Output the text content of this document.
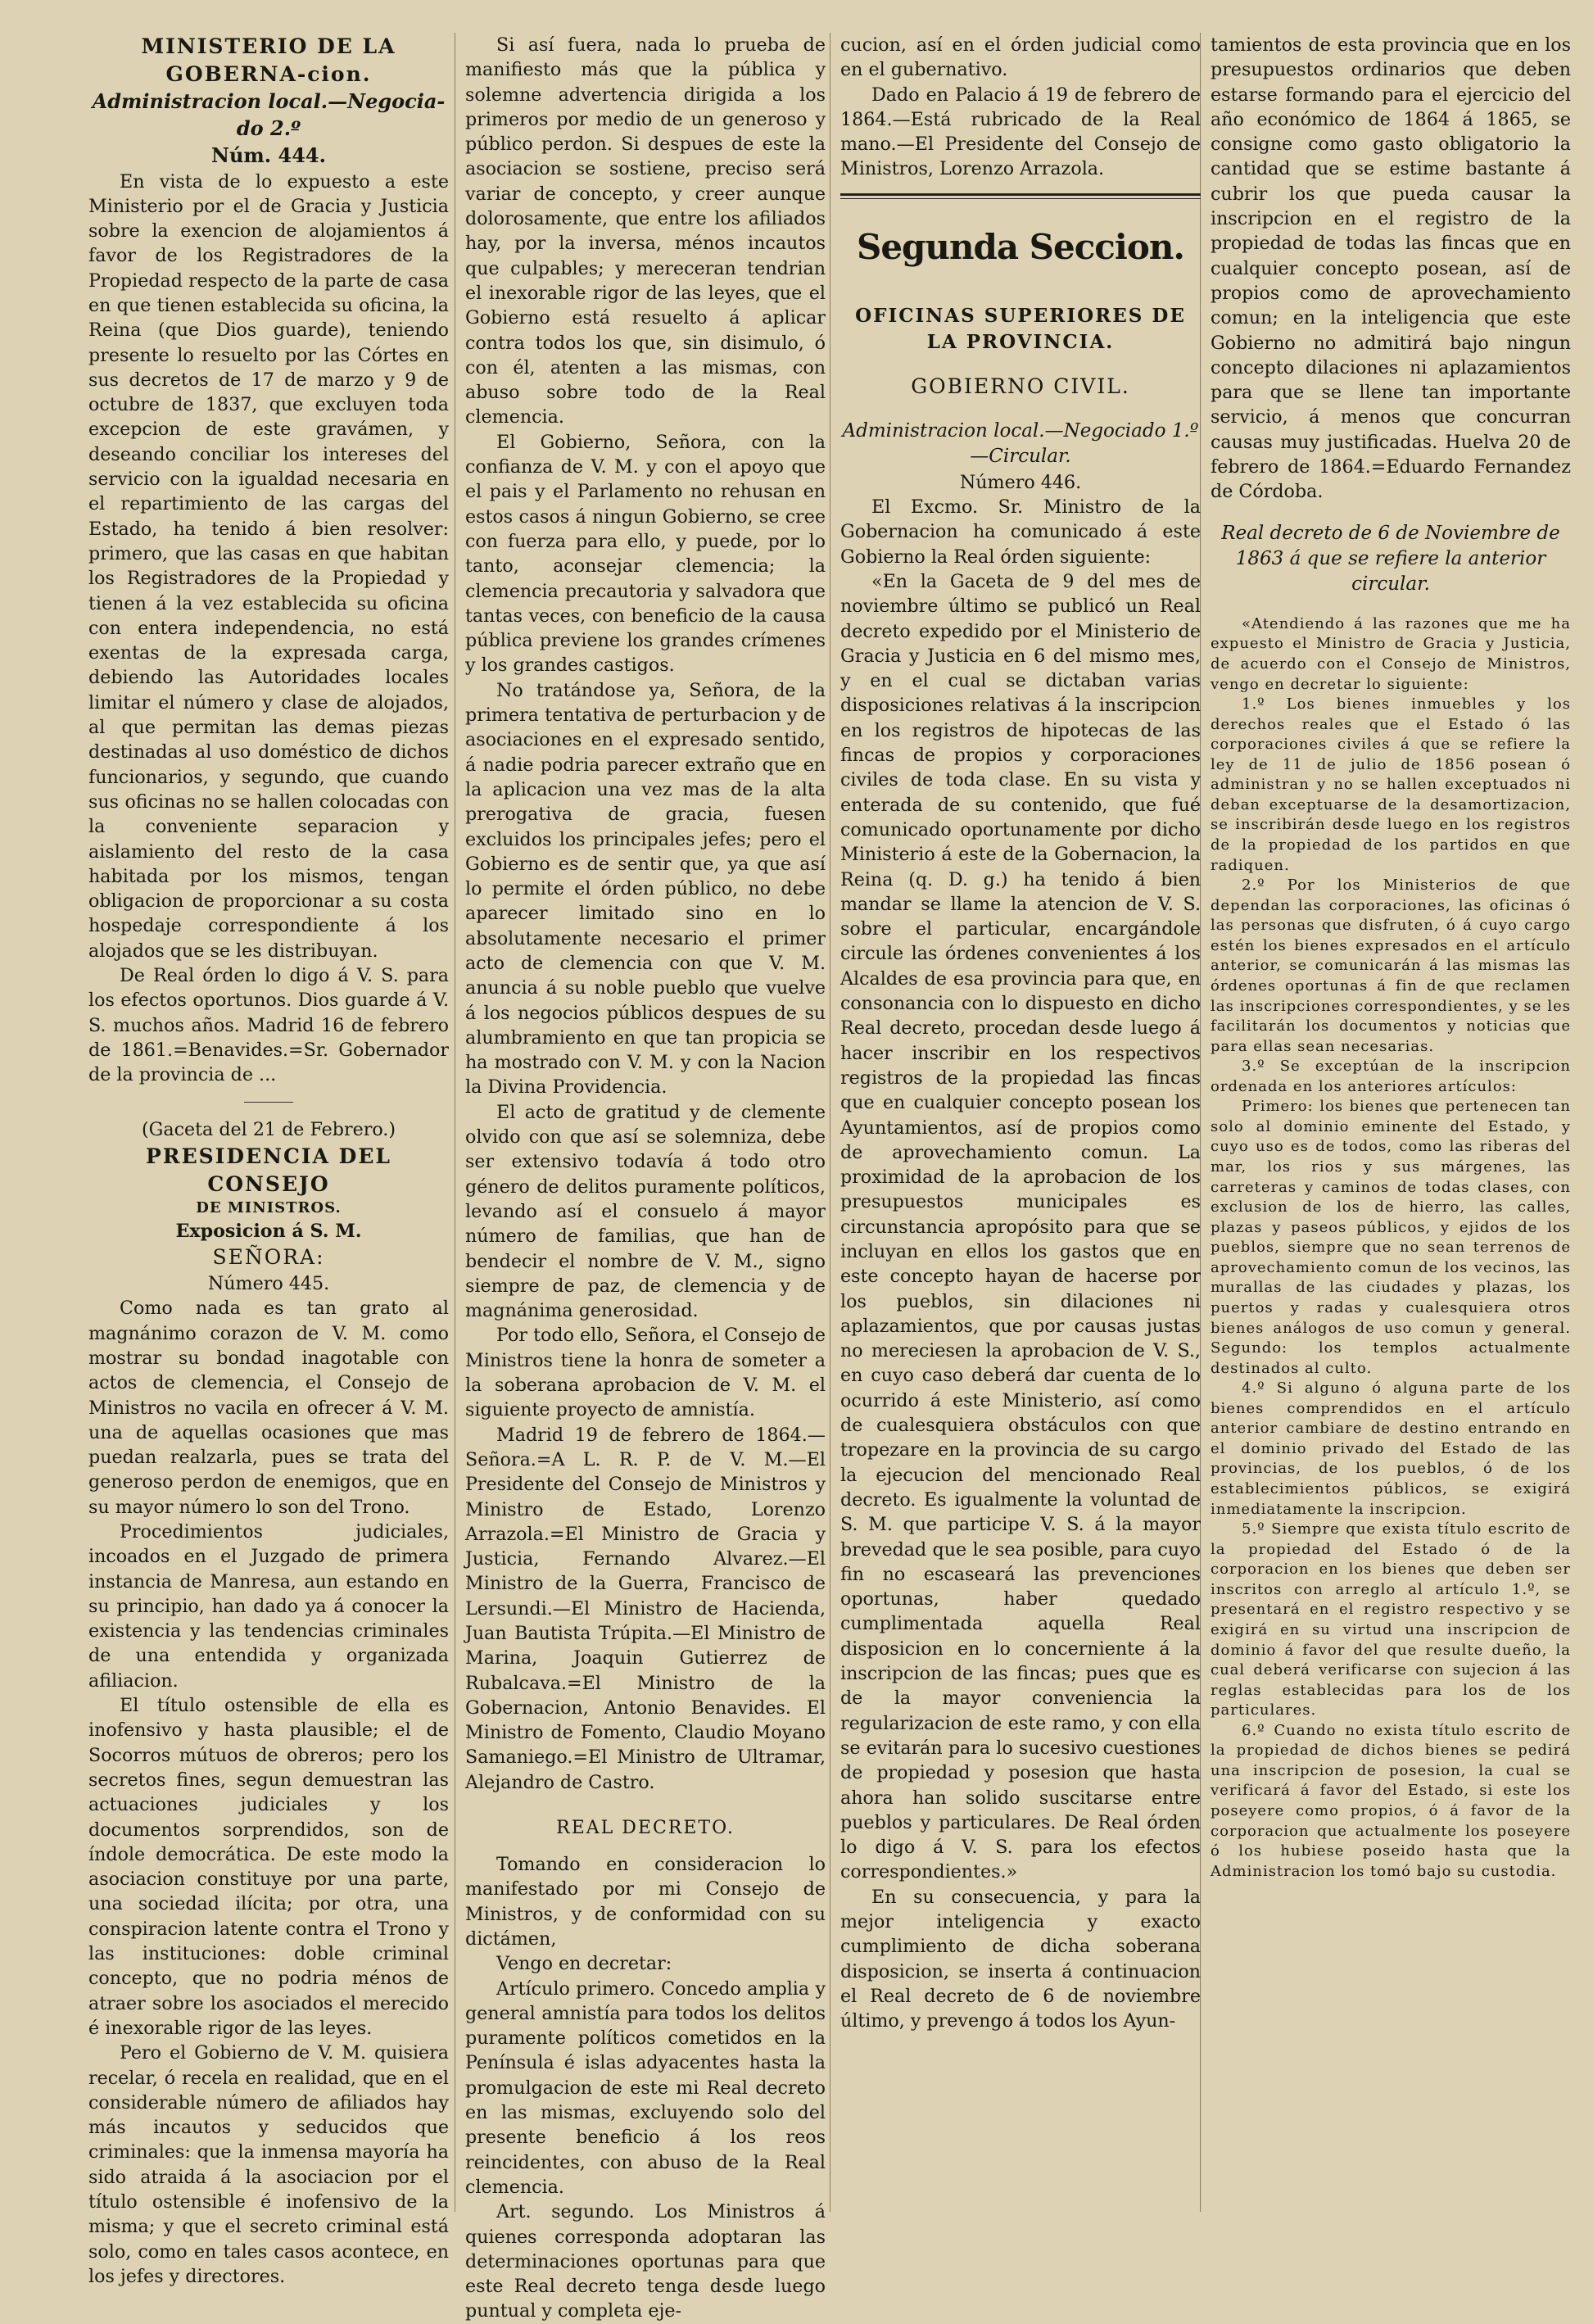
MINISTERIO DE LA GOBERNA-cion.

Administracion local.—Negocia-do 2.º

Núm. 444.

En vista de lo expuesto a este Ministerio por el de Gracia y Justicia sobre la exencion de alojamientos á favor de los Registradores de la Propiedad respecto de la parte de casa en que tienen establecida su oficina, la Reina (que Dios guarde), teniendo presente lo resuelto por las Córtes en sus decretos de 17 de marzo y 9 de octubre de 1837, que excluyen toda excepcion de este gravámen, y deseando conciliar los intereses del servicio con la igualdad necesaria en el repartimiento de las cargas del Estado, ha tenido á bien resolver: primero, que las casas en que habitan los Registradores de la Propiedad y tienen á la vez establecida su oficina con entera independencia, no está exentas de la expresada carga, debiendo las Autoridades locales limitar el número y clase de alojados, al que permitan las demas piezas destinadas al uso doméstico de dichos funcionarios, y segundo, que cuando sus oficinas no se hallen colocadas con la conveniente separacion y aislamiento del resto de la casa habitada por los mismos, tengan obligacion de proporcionar a su costa hospedaje correspondiente á los alojados que se les distribuyan.

De Real órden lo digo á V. S. para los efectos oportunos. Dios guarde á V. S. muchos años. Madrid 16 de febrero de 1861.=Benavides.=Sr. Gobernador de la provincia de ...

(Gaceta del 21 de Febrero.)

PRESIDENCIA DEL CONSEJO

DE MINISTROS.

Exposicion á S. M.

SEÑORA:

Número 445.

Como nada es tan grato al magnánimo corazon de V. M. como mostrar su bondad inagotable con actos de clemencia, el Consejo de Ministros no vacila en ofrecer á V. M. una de aquellas ocasiones que mas puedan realzarla, pues se trata del generoso perdon de enemigos, que en su mayor número lo son del Trono.

Procedimientos judiciales, incoados en el Juzgado de primera instancia de Manresa, aun estando en su principio, han dado ya á conocer la existencia y las tendencias criminales de una entendida y organizada afiliacion.

El título ostensible de ella es inofensivo y hasta plausible; el de Socorros mútuos de obreros; pero los secretos fines, segun demuestran las actuaciones judiciales y los documentos sorprendidos, son de índole democrática. De este modo la asociacion constituye por una parte, una sociedad ilícita; por otra, una conspiracion latente contra el Trono y las instituciones: doble criminal concepto, que no podria ménos de atraer sobre los asociados el merecido é inexorable rigor de las leyes.

Pero el Gobierno de V. M. quisiera recelar, ó recela en realidad, que en el considerable número de afiliados hay más incautos y seducidos que criminales: que la inmensa mayoría ha sido atraida á la asociacion por el título ostensible é inofensivo de la misma; y que el secreto criminal está solo, como en tales casos acontece, en los jefes y directores.

Si así fuera, nada lo prueba de manifiesto más que la pública y solemne advertencia dirigida a los primeros por medio de un generoso y público perdon. Si despues de este la asociacion se sostiene, preciso será variar de concepto, y creer aunque dolorosamente, que entre los afiliados hay, por la inversa, ménos incautos que culpables; y mereceran tendrian el inexorable rigor de las leyes, que el Gobierno está resuelto á aplicar contra todos los que, sin disimulo, ó con él, atenten a las mismas, con abuso sobre todo de la Real clemencia.

El Gobierno, Señora, con la confianza de V. M. y con el apoyo que el pais y el Parlamento no rehusan en estos casos á ningun Gobierno, se cree con fuerza para ello, y puede, por lo tanto, aconsejar clemencia; la clemencia precautoria y salvadora que tantas veces, con beneficio de la causa pública previene los grandes crímenes y los grandes castigos.

No tratándose ya, Señora, de la primera tentativa de perturbacion y de asociaciones en el expresado sentido, á nadie podria parecer extraño que en la aplicacion una vez mas de la alta prerogativa de gracia, fuesen excluidos los principales jefes; pero el Gobierno es de sentir que, ya que así lo permite el órden público, no debe aparecer limitado sino en lo absolutamente necesario el primer acto de clemencia con que V. M. anuncia á su noble pueblo que vuelve á los negocios públicos despues de su alumbramiento en que tan propicia se ha mostrado con V. M. y con la Nacion la Divina Providencia.

El acto de gratitud y de clemente olvido con que así se solemniza, debe ser extensivo todavía á todo otro género de delitos puramente políticos, levando así el consuelo á mayor número de familias, que han de bendecir el nombre de V. M., signo siempre de paz, de clemencia y de magnánima generosidad.

Por todo ello, Señora, el Consejo de Ministros tiene la honra de someter a la soberana aprobacion de V. M. el siguiente proyecto de amnistía.

Madrid 19 de febrero de 1864.—Señora.=A L. R. P. de V. M.—El Presidente del Consejo de Ministros y Ministro de Estado, Lorenzo Arrazola.=El Ministro de Gracia y Justicia, Fernando Alvarez.—El Ministro de la Guerra, Francisco de Lersundi.—El Ministro de Hacienda, Juan Bautista Trúpita.—El Ministro de Marina, Joaquin Gutierrez de Rubalcava.=El Ministro de la Gobernacion, Antonio Benavides. El Ministro de Fomento, Claudio Moyano Samaniego.=El Ministro de Ultramar, Alejandro de Castro.

REAL DECRETO.

Tomando en consideracion lo manifestado por mi Consejo de Ministros, y de conformidad con su dictámen,

Vengo en decretar:

Artículo primero. Concedo amplia y general amnistía para todos los delitos puramente políticos cometidos en la Península é islas adyacentes hasta la promulgacion de este mi Real decreto en las mismas, excluyendo solo del presente beneficio á los reos reincidentes, con abuso de la Real clemencia.

Art. segundo. Los Ministros á quienes corresponda adoptaran las determinaciones oportunas para que este Real decreto tenga desde luego puntual y completa eje-

cucion, así en el órden judicial como en el gubernativo.

Dado en Palacio á 19 de febrero de 1864.—Está rubricado de la Real mano.—El Presidente del Consejo de Ministros, Lorenzo Arrazola.

Segunda Seccion.

OFICINAS SUPERIORES DE LA PROVINCIA.

GOBIERNO CIVIL.

Administracion local.—Negociado 1.º—Circular.

Número 446.

El Excmo. Sr. Ministro de la Gobernacion ha comunicado á este Gobierno la Real órden siguiente:

«En la Gaceta de 9 del mes de noviembre último se publicó un Real decreto expedido por el Ministerio de Gracia y Justicia en 6 del mismo mes, y en el cual se dictaban varias disposiciones relativas á la inscripcion en los registros de hipotecas de las fincas de propios y corporaciones civiles de toda clase. En su vista y enterada de su contenido, que fué comunicado oportunamente por dicho Ministerio á este de la Gobernacion, la Reina (q. D. g.) ha tenido á bien mandar se llame la atencion de V. S. sobre el particular, encargándole circule las órdenes convenientes á los Alcaldes de esa provincia para que, en consonancia con lo dispuesto en dicho Real decreto, procedan desde luego á hacer inscribir en los respectivos registros de la propiedad las fincas que en cualquier concepto posean los Ayuntamientos, así de propios como de aprovechamiento comun. La proximidad de la aprobacion de los presupuestos municipales es circunstancia apropósito para que se incluyan en ellos los gastos que en este concepto hayan de hacerse por los pueblos, sin dilaciones ni aplazamientos, que por causas justas no mereciesen la aprobacion de V. S., en cuyo caso deberá dar cuenta de lo ocurrido á este Ministerio, así como de cualesquiera obstáculos con que tropezare en la provincia de su cargo la ejecucion del mencionado Real decreto. Es igualmente la voluntad de S. M. que participe V. S. á la mayor brevedad que le sea posible, para cuyo fin no escaseará las prevenciones oportunas, haber quedado cumplimentada aquella Real disposicion en lo concerniente á la inscripcion de las fincas; pues que es de la mayor conveniencia la regularizacion de este ramo, y con ella se evitarán para lo sucesivo cuestiones de propiedad y posesion que hasta ahora han solido suscitarse entre pueblos y particulares. De Real órden lo digo á V. S. para los efectos correspondientes.»

En su consecuencia, y para la mejor inteligencia y exacto cumplimiento de dicha soberana disposicion, se inserta á continuacion el Real decreto de 6 de noviembre último, y prevengo á todos los Ayun-

tamientos de esta provincia que en los presupuestos ordinarios que deben estarse formando para el ejercicio del año económico de 1864 á 1865, se consigne como gasto obligatorio la cantidad que se estime bastante á cubrir los que pueda causar la inscripcion en el registro de la propiedad de todas las fincas que en cualquier concepto posean, así de propios como de aprovechamiento comun; en la inteligencia que este Gobierno no admitirá bajo ningun concepto dilaciones ni aplazamientos para que se llene tan importante servicio, á menos que concurran causas muy justificadas. Huelva 20 de febrero de 1864.=Eduardo Fernandez de Córdoba.

Real decreto de 6 de Noviembre de 1863 á que se refiere la anterior circular.

«Atendiendo á las razones que me ha expuesto el Ministro de Gracia y Justicia, de acuerdo con el Consejo de Ministros, vengo en decretar lo siguiente:

1.º Los bienes inmuebles y los derechos reales que el Estado ó las corporaciones civiles á que se refiere la ley de 11 de julio de 1856 posean ó administran y no se hallen exceptuados ni deban exceptuarse de la desamortizacion, se inscribirán desde luego en los registros de la propiedad de los partidos en que radiquen.

2.º Por los Ministerios de que dependan las corporaciones, las oficinas ó las personas que disfruten, ó á cuyo cargo estén los bienes expresados en el artículo anterior, se comunicarán á las mismas las órdenes oportunas á fin de que reclamen las inscripciones correspondientes, y se les facilitarán los documentos y noticias que para ellas sean necesarias.

3.º Se exceptúan de la inscripcion ordenada en los anteriores artículos:

Primero: los bienes que pertenecen tan solo al dominio eminente del Estado, y cuyo uso es de todos, como las riberas del mar, los rios y sus márgenes, las carreteras y caminos de todas clases, con exclusion de los de hierro, las calles, plazas y paseos públicos, y ejidos de los pueblos, siempre que no sean terrenos de aprovechamiento comun de los vecinos, las murallas de las ciudades y plazas, los puertos y radas y cualesquiera otros bienes análogos de uso comun y general. Segundo: los templos actualmente destinados al culto.

4.º Si alguno ó alguna parte de los bienes comprendidos en el artículo anterior cambiare de destino entrando en el dominio privado del Estado de las provincias, de los pueblos, ó de los establecimientos públicos, se exigirá inmediatamente la inscripcion.

5.º Siempre que exista título escrito de la propiedad del Estado ó de la corporacion en los bienes que deben ser inscritos con arreglo al artículo 1.º, se presentará en el registro respectivo y se exigirá en su virtud una inscripcion de dominio á favor del que resulte dueño, la cual deberá verificarse con sujecion á las reglas establecidas para los de los particulares.

6.º Cuando no exista título escrito de la propiedad de dichos bienes se pedirá una inscripcion de posesion, la cual se verificará á favor del Estado, si este los poseyere como propios, ó á favor de la corporacion que actualmente los poseyere ó los hubiese poseido hasta que la Administracion los tomó bajo su custodia.
